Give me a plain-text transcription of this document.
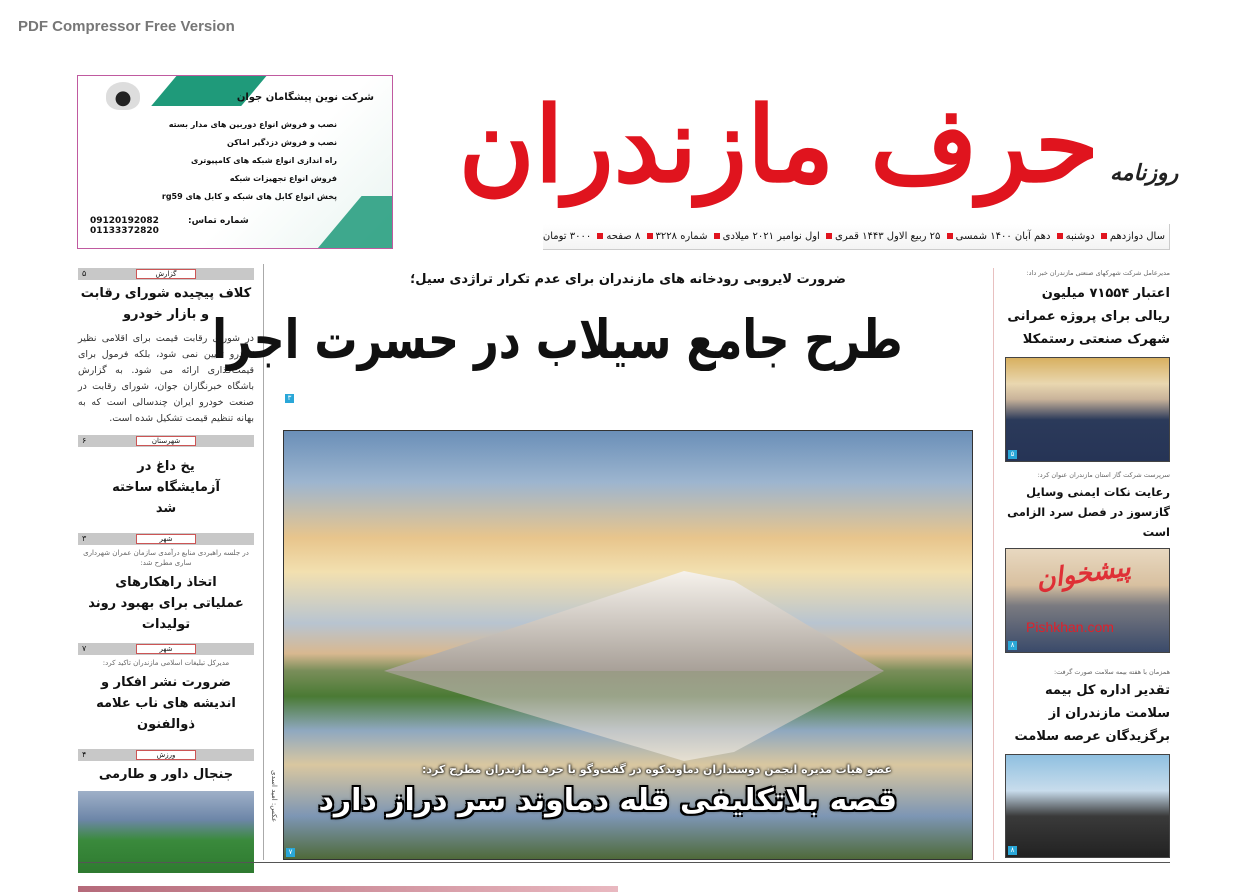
PDF Compressor Free Version
شرکت نوین پیشگامان جوان
نصب و فروش انواع دوربین های مدار بسته
نصب و فروش دزدگیر اماکن
راه اندازی انواع شبکه های کامپیوتری
فروش انواع تجهیزات شبکه
پخش انواع کابل های شبکه و کابل های rg59
شماره تماس:
09120192082
01133372820
حرف مازندران روزنامه
سال دوازدهم دوشنبه دهم آبان ۱۴۰۰ شمسی ۲۵ ربیع الاول ۱۴۴۳ قمری اول نوامبر ۲۰۲۱ میلادی شماره ۳۲۲۸ ۸ صفحه ۳۰۰۰ تومان
گزارش
۵
کلاف پیچیده شورای رقابت و بازار خودرو
در شورای رقابت قیمت برای اقلامی نظیر خودرو تعیین نمی شود، بلکه فرمول برای قیمت‌گذاری ارائه می شود. به گزارش باشگاه خبرنگاران جوان، شورای رقابت در صنعت خودرو ایران چندسالی است که به بهانه تنظیم قیمت تشکیل شده است.
شهرستان
۶
یخ داغ در آزمایشگاه ساخته شد
شهر
۳
در جلسه راهبردی منابع درآمدی سازمان عمران شهرداری ساری مطرح شد:
اتخاذ راهکارهای عملیاتی برای بهبود روند تولیدات
شهر
۷
مدیرکل تبلیغات اسلامی مازندران تاکید کرد:
ضرورت نشر افکار و اندیشه های ناب علامه ذوالفنون
ورزش
۴
جنجال داور و طارمی
ضرورت لایروبی رودخانه های مازندران برای عدم تکرار تراژدی سیل؛
طرح جامع سیلاب در حسرت اجرا
۳
عضو هیات مدیره انجمن دوستداران دماوندکوه در گفت‌وگو با حرف مازندران مطرح کرد:
قصه بلاتکلیفی قله دماوند سر دراز دارد
۷
عکس: امید اسدی
مدیرعامل شرکت شهرکهای صنعتی مازندران خبر داد:
اعتبار ۷۱۵۵۴ میلیون ریالی برای پروژه عمرانی شهرک صنعتی رستمکلا
۵
سرپرست شرکت گاز استان مازندران عنوان کرد:
رعایت نکات ایمنی وسایل گازسوز در فصل سرد الزامی است
پیشخوان
Pishkhan.com
۸
همزمان با هفته بیمه سلامت صورت گرفت:
تقدیر اداره کل بیمه سلامت مازندران از برگزیدگان عرصه سلامت
۸
